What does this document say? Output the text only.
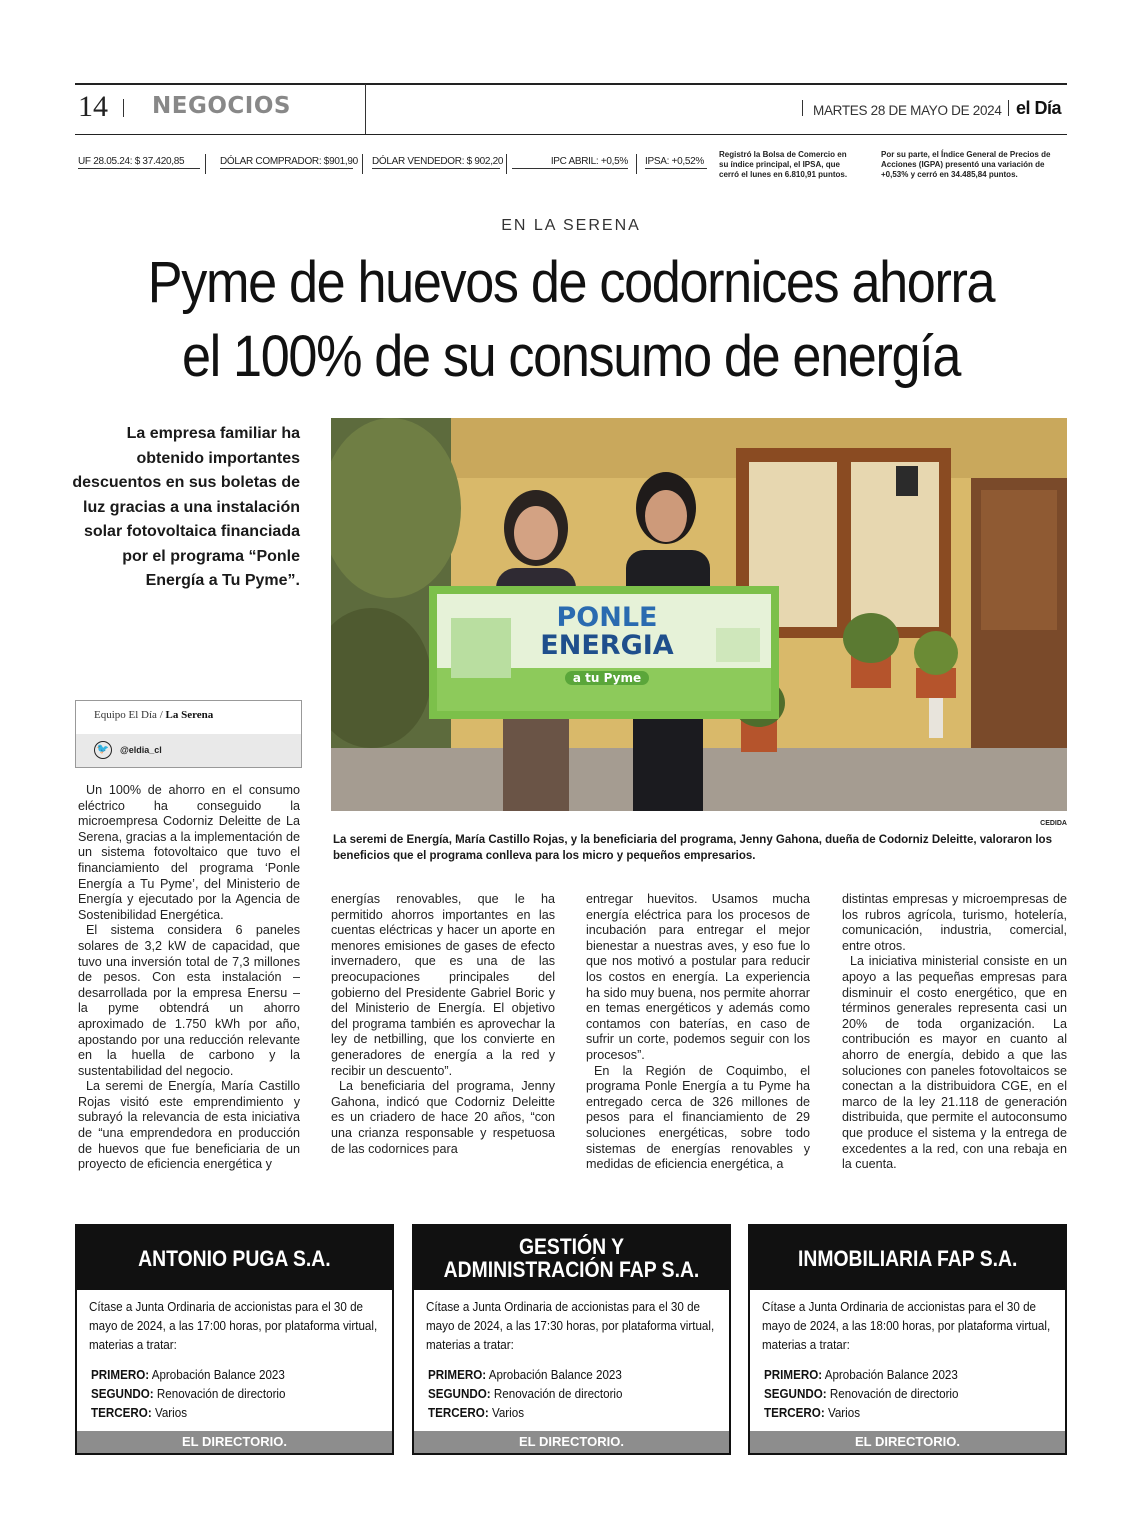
14 NEGOCIOS	MARTES 28 DE MAYO DE 2024 el Día
UF 28.05.24: $ 37.420,85	DÓLAR COMPRADOR: $901,90 DÓLAR VENDEDOR: $ 902,20	IPC ABRIL: +0,5% IPSA: +0,52%
Registró la Bolsa de Comercio en su índice principal, el IPSA, que cerró el lunes en 6.810,91 puntos.
Por su parte, el Índice General de Precios de Acciones (IGPA) presentó una variación de +0,53% y cerró en 34.485,84 puntos.
EN LA SERENA
Pyme de huevos de codornices ahorra
el 100% de su consumo de energía
La empresa familiar ha obtenido importantes descuentos en sus boletas de luz gracias a una instalación solar fotovoltaica financiada por el programa “Ponle Energía a Tu Pyme”.
Equipo El Día / La Serena
🐦	@eldia_cl
PONLE
ENERGIA
a tu Pyme
CEDIDA
La seremi de Energía, María Castillo Rojas, y la beneficiaria del programa, Jenny Gahona, dueña de Codorniz Deleitte, valoraron los beneficios que el programa conlleva para los micro y pequeños empresarios.

Un 100% de ahorro en el consumo eléctrico ha conseguido la microempresa Codorniz Deleitte de La Serena, gracias a la implementación de un sistema fotovoltaico que tuvo el financiamiento del programa ‘Ponle Energía a Tu Pyme’, del Ministerio de Energía y ejecutado por la Agencia de Sostenibilidad Energética.

El sistema considera 6 paneles solares de 3,2 kW de capacidad, que tuvo una inversión total de 7,3 millones de pesos. Con esta instalación – desarrollada por la empresa Enersu – la pyme obtendrá un ahorro aproximado de 1.750 kWh por año, apostando por una reducción relevante en la huella de carbono y la sustentabilidad del negocio.

La seremi de Energía, María Castillo Rojas visitó este emprendimiento y subrayó la relevancia de esta iniciativa de “una emprendedora en producción de huevos que fue beneficiaria de un proyecto de eficiencia energética y

energías renovables, que le ha permitido ahorros importantes en las cuentas eléctricas y hacer un aporte en menores emisiones de gases de efecto invernadero, que es una de las preocupaciones principales del gobierno del Presidente Gabriel Boric y del Ministerio de Energía. El objetivo del programa también es aprovechar la ley de netbilling, que los convierte en generadores de energía a la red y recibir un descuento”.

La beneficiaria del programa, Jenny Gahona, indicó que Codorniz Deleitte es un criadero de hace 20 años, “con una crianza responsable y respetuosa de las codornices para

entregar huevitos. Usamos mucha energía eléctrica para los procesos de incubación para entregar el mejor bienestar a nuestras aves, y eso fue lo que nos motivó a postular para reducir los costos en energía. La experiencia ha sido muy buena, nos permite ahorrar en temas energéticos y además como contamos con baterías, en caso de sufrir un corte, podemos seguir con los procesos”.

En la Región de Coquimbo, el programa Ponle Energía a tu Pyme ha entregado cerca de 326 millones de pesos para el financiamiento de 29 soluciones energéticas, sobre todo sistemas de energías renovables y medidas de eficiencia energética, a

distintas empresas y microempresas de los rubros agrícola, turismo, hotelería, comunicación, industria, comercial, entre otros.

La iniciativa ministerial consiste en un apoyo a las pequeñas empresas para disminuir el costo energético, que en términos generales representa casi un 20% de toda organización. La contribución es mayor en cuanto al ahorro de energía, debido a que las soluciones con paneles fotovoltaicos se conectan a la distribuidora CGE, en el marco de la ley 21.118 de generación distribuida, que permite el autoconsumo que produce el sistema y la entrega de excedentes a la red, con una rebaja en la cuenta.

ANTONIO PUGA S.A.
Cítase a Junta Ordinaria de accionistas para el 30 de mayo de 2024, a las 17:00 horas, por plataforma virtual, materias a tratar:
PRIMERO: Aprobación Balance 2023
SEGUNDO: Renovación de directorio
TERCERO: Varios
EL DIRECTORIO.
GESTIÓN Y ADMINISTRACIÓN FAP S.A.
Cítase a Junta Ordinaria de accionistas para el 30 de mayo de 2024, a las 17:30 horas, por plataforma virtual, materias a tratar:
PRIMERO: Aprobación Balance 2023
SEGUNDO: Renovación de directorio
TERCERO: Varios
EL DIRECTORIO.
INMOBILIARIA FAP S.A.
Cítase a Junta Ordinaria de accionistas para el 30 de mayo de 2024, a las 18:00 horas, por plataforma virtual, materias a tratar:
PRIMERO: Aprobación Balance 2023
SEGUNDO: Renovación de directorio
TERCERO: Varios
EL DIRECTORIO.
